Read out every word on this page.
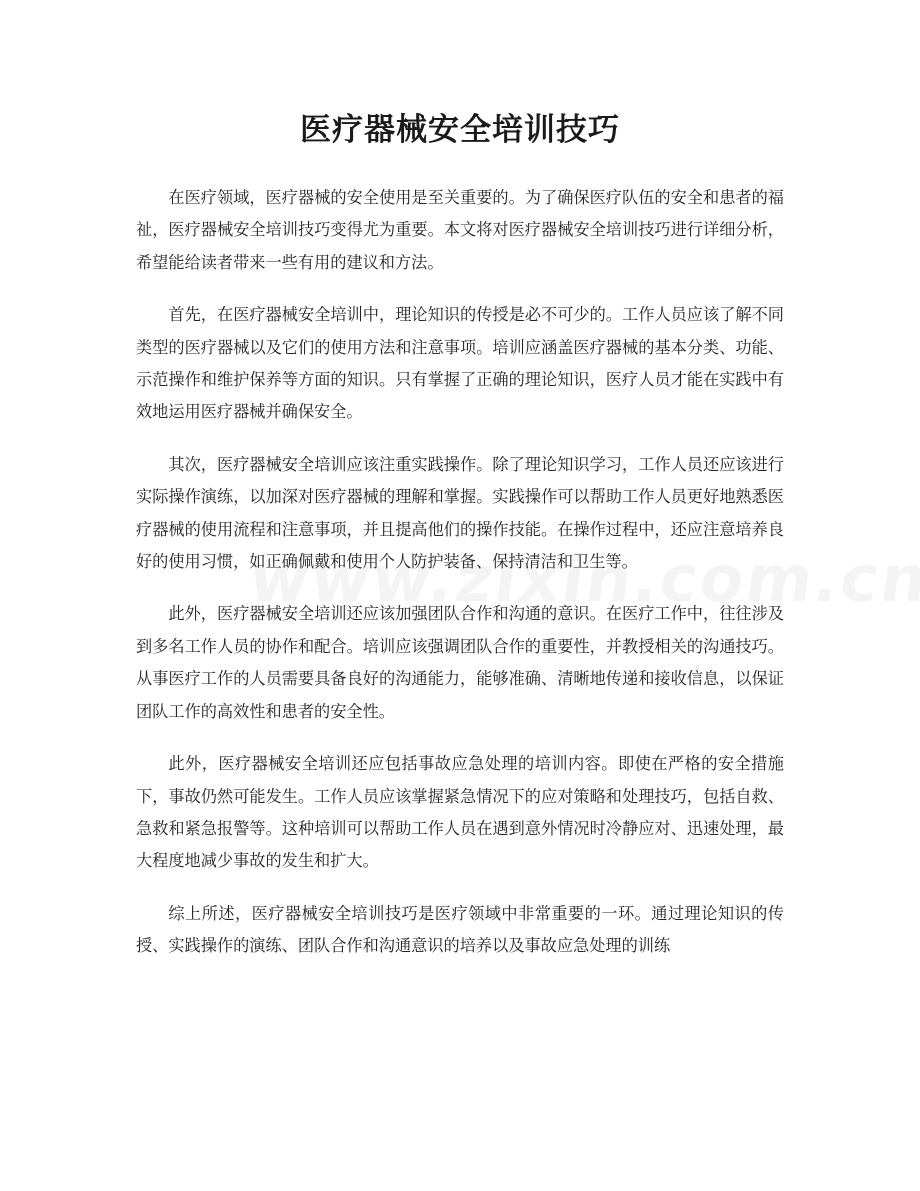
医疗器械安全培训技巧

在医疗领域，医疗器械的安全使用是至关重要的。为了确保医疗队伍的安全和患者的福祉，医疗器械安全培训技巧变得尤为重要。本文将对医疗器械安全培训技巧进行详细分析，希望能给读者带来一些有用的建议和方法。

首先，在医疗器械安全培训中，理论知识的传授是必不可少的。工作人员应该了解不同类型的医疗器械以及它们的使用方法和注意事项。培训应涵盖医疗器械的基本分类、功能、示范操作和维护保养等方面的知识。只有掌握了正确的理论知识，医疗人员才能在实践中有效地运用医疗器械并确保安全。

其次，医疗器械安全培训应该注重实践操作。除了理论知识学习，工作人员还应该进行实际操作演练，以加深对医疗器械的理解和掌握。实践操作可以帮助工作人员更好地熟悉医疗器械的使用流程和注意事项，并且提高他们的操作技能。在操作过程中，还应注意培养良好的使用习惯，如正确佩戴和使用个人防护装备、保持清洁和卫生等。

此外，医疗器械安全培训还应该加强团队合作和沟通的意识。在医疗工作中，往往涉及到多名工作人员的协作和配合。培训应该强调团队合作的重要性，并教授相关的沟通技巧。从事医疗工作的人员需要具备良好的沟通能力，能够准确、清晰地传递和接收信息，以保证团队工作的高效性和患者的安全性。

此外，医疗器械安全培训还应包括事故应急处理的培训内容。即使在严格的安全措施下，事故仍然可能发生。工作人员应该掌握紧急情况下的应对策略和处理技巧，包括自救、急救和紧急报警等。这种培训可以帮助工作人员在遇到意外情况时冷静应对、迅速处理，最大程度地减少事故的发生和扩大。

综上所述，医疗器械安全培训技巧是医疗领域中非常重要的一环。通过理论知识的传授、实践操作的演练、团队合作和沟通意识的培养以及事故应急处理的训练
